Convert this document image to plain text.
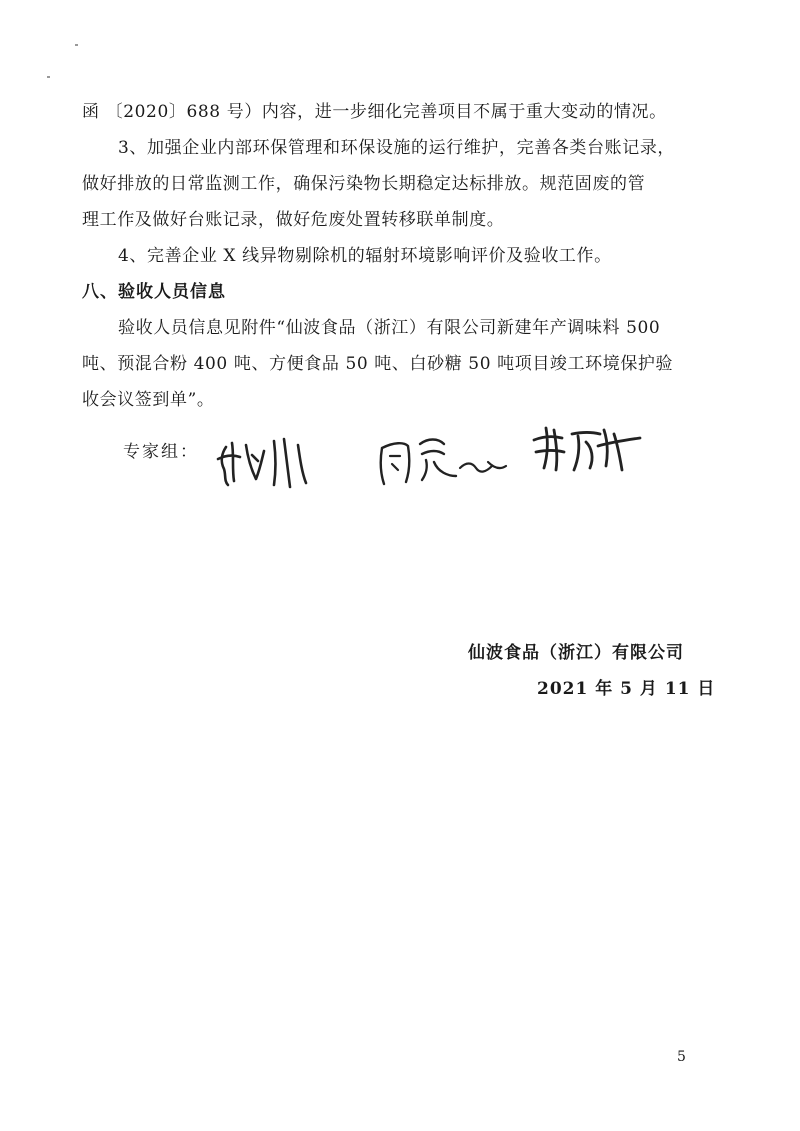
函 〔2020〕688 号）内容，进一步细化完善项目不属于重大变动的情况。
3、加强企业内部环保管理和环保设施的运行维护，完善各类台账记录，
做好排放的日常监测工作，确保污染物长期稳定达标排放。规范固废的管
理工作及做好台账记录，做好危废处置转移联单制度。
4、完善企业 X 线异物剔除机的辐射环境影响评价及验收工作。
八、验收人员信息
验收人员信息见附件“仙波食品（浙江）有限公司新建年产调味料 500
吨、预混合粉 400 吨、方便食品 50 吨、白砂糖 50 吨项目竣工环境保护验
收会议签到单”。
专家组：
仙波食品（浙江）有限公司
2021 年 5 月 11 日
5
